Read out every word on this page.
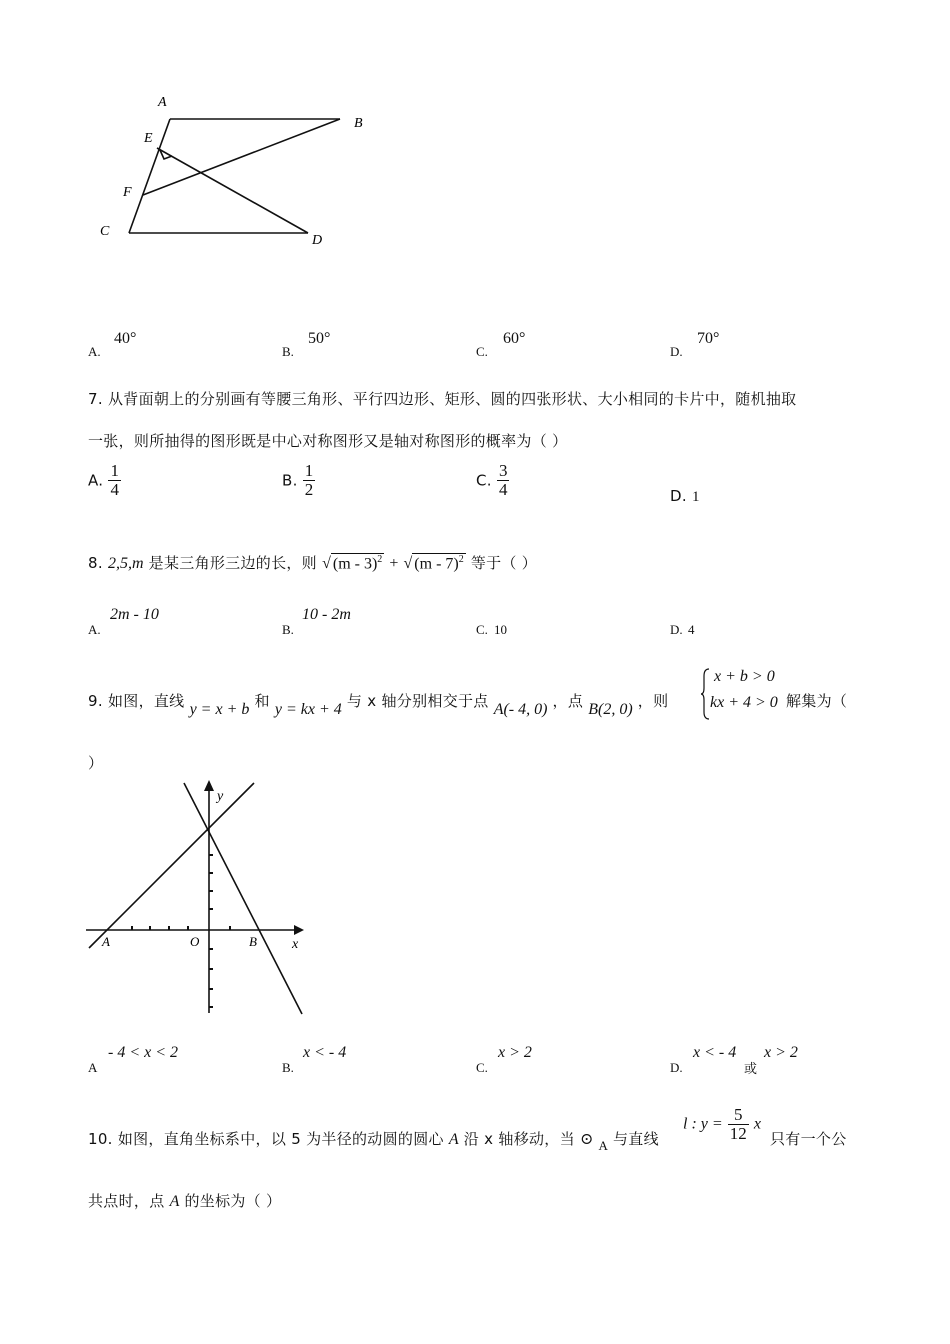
A
B
E
F
C
D
A.
40°
B.
50°
C.
60°
D.
70°
7. 从背面朝上的分别画有等腰三角形、平行四边形、矩形、圆的四张形状、大小相同的卡片中，随机抽取
一张，则所抽得的图形既是中心对称图形又是轴对称图形的概率为（ ）
A. $\frac{1}{4}$	B. $\frac{1}{2}$	C. $\frac{3}{4}$	D. 1
8. 2,5,m 是某三角形三边的长，则 √ (m - 3)$^2$ + √ (m - 7)$^2$ 等于（ ）
A.
2m - 10
B.
10 - 2m
C. 10	D. 4
9. 如图，直线 y = x + b 和 y = kx + 4 与 x 轴分别相交于点 A(- 4, 0) ，点 B(2, 0) ，则
x + b > 0
kx + 4 > 0 解集为（
）
y
x
A	O	B
A
- 4 < x < 2
B.
x < - 4
C.
x > 2
D.
x < - 4
或
x > 2
10. 如图，直角坐标系中，以 5 为半径的动圆的圆心 A 沿 x 轴移动，当 ⊙ $_A$ 与直线
l : $y = \frac{5}{12}$ x
只有一个公
共点时，点 A 的坐标为（ ）
